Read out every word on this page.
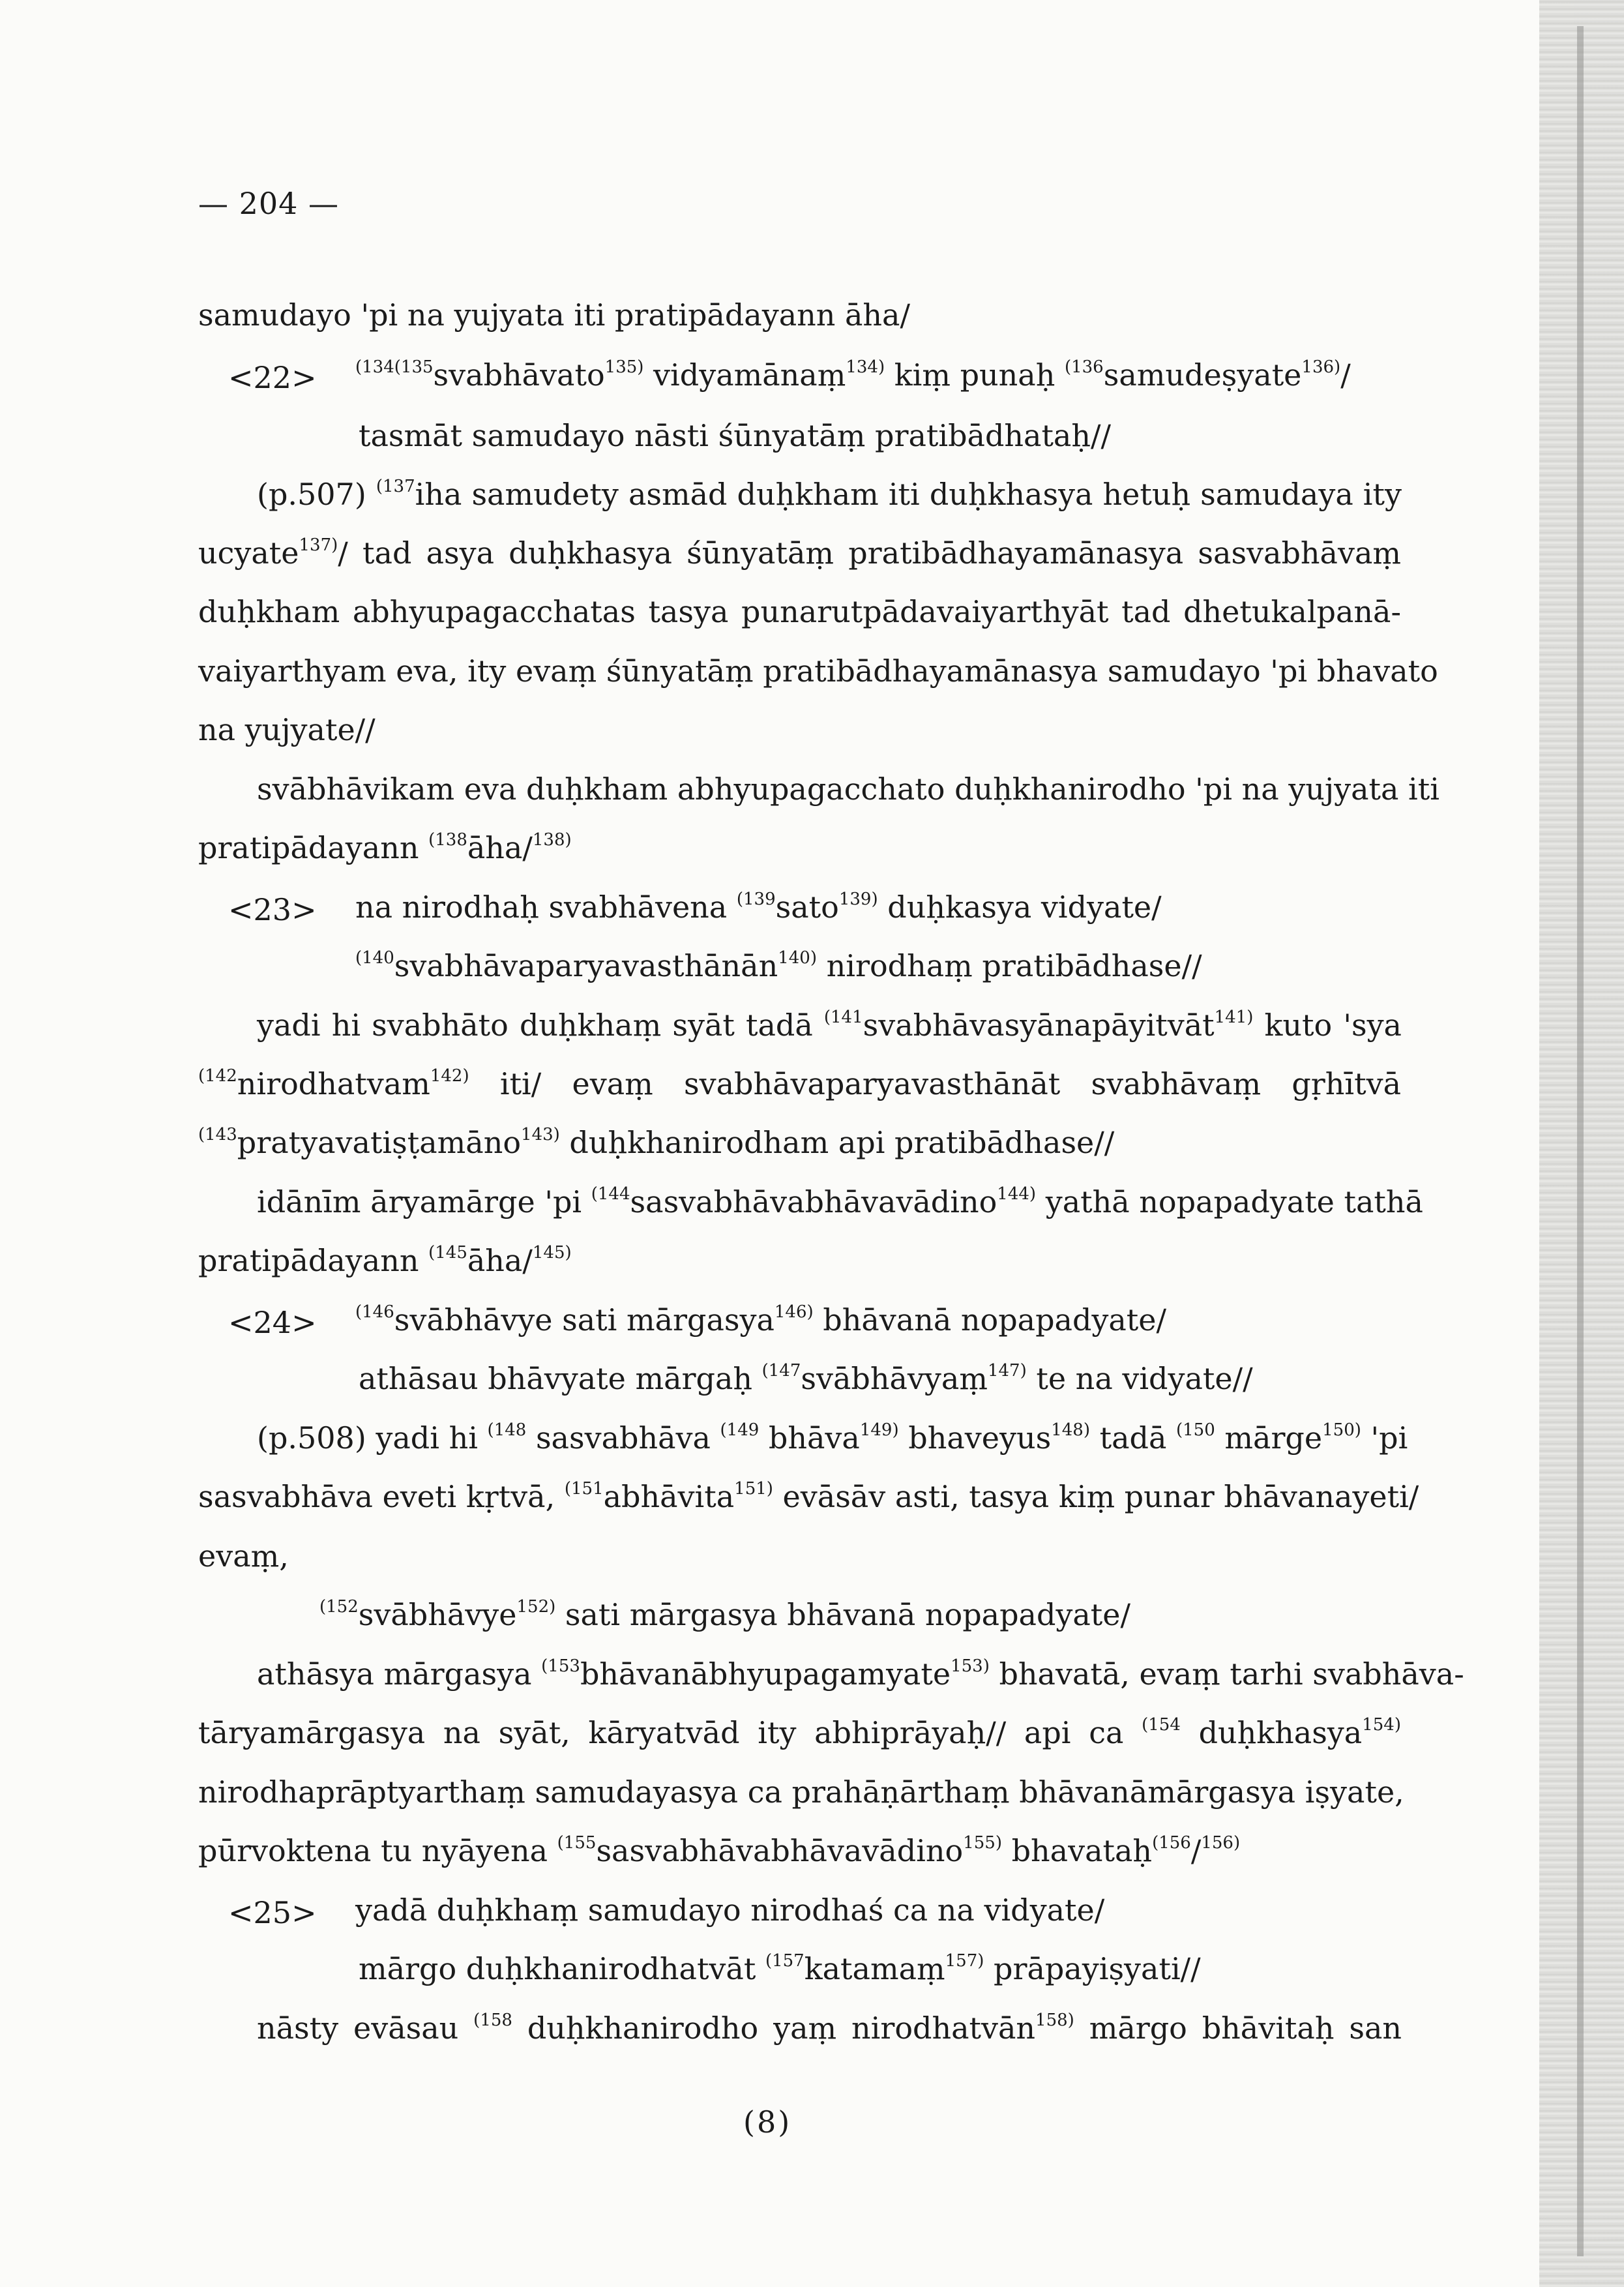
— 204 —
samudayo 'pi na yujyata iti pratipādayann āha/
<22> $^{(134(135}$svabhāvato$^{135)}$ vidyamānaṃ$^{134)}$ kiṃ punaḥ $^{(136}$samudeṣyate$^{136)}$/
tasmāt samudayo nāsti śūnyatāṃ pratibādhataḥ//
(p.507) $^{(137}$iha samudety asmād duḥkham iti duḥkhasya hetuḥ samudaya ity
ucyate$^{137)}$/ tad asya duḥkhasya śūnyatāṃ pratibādhayamānasya sasvabhāvaṃ
duḥkham abhyupagacchatas tasya punarutpādavaiyarthyāt tad dhetukalpanā-
vaiyarthyam eva, ity evaṃ śūnyatāṃ pratibādhayamānasya samudayo 'pi bhavato
na yujyate//
svābhāvikam eva duḥkham abhyupagacchato duḥkhanirodho 'pi na yujyata iti
pratipādayann $^{(138}$āha/$^{138)}$
<23> na nirodhaḥ svabhāvena $^{(139}$sato$^{139)}$ duḥkasya vidyate/
$^{(140}$svabhāvaparyavasthānān$^{140)}$ nirodhaṃ pratibādhase//
yadi hi svabhāto duḥkhaṃ syāt tadā $^{(141}$svabhāvasyānapāyitvāt$^{141)}$ kuto 'sya
$^{(142}$nirodhatvam$^{142)}$ iti/ evaṃ svabhāvaparyavasthānāt svabhāvaṃ gṛhītvā
$^{(143}$pratyavatiṣṭamāno$^{143)}$ duḥkhanirodham api pratibādhase//
idānīm āryamārge 'pi $^{(144}$sasvabhāvabhāvavādino$^{144)}$ yathā nopapadyate tathā
pratipādayann $^{(145}$āha/$^{145)}$
<24> $^{(146}$svābhāvye sati mārgasya$^{146)}$ bhāvanā nopapadyate/
athāsau bhāvyate mārgaḥ $^{(147}$svābhāvyaṃ$^{147)}$ te na vidyate//
(p.508) yadi hi $^{(148}$ sasvabhāva $^{(149}$ bhāva$^{149)}$ bhaveyus$^{148)}$ tadā $^{(150}$ mārge$^{150)}$ 'pi
sasvabhāva eveti kṛtvā, $^{(151}$abhāvita$^{151)}$ evāsāv asti, tasya kiṃ punar bhāvanayeti/
evaṃ,
$^{(152}$svābhāvye$^{152)}$ sati mārgasya bhāvanā nopapadyate/
athāsya mārgasya $^{(153}$bhāvanābhyupagamyate$^{153)}$ bhavatā, evaṃ tarhi svabhāva-
tāryamārgasya na syāt, kāryatvād ity abhiprāyaḥ// api ca $^{(154}$ duḥkhasya$^{154)}$
nirodhaprāptyarthaṃ samudayasya ca prahāṇārthaṃ bhāvanāmārgasya iṣyate,
pūrvoktena tu nyāyena $^{(155}$sasvabhāvabhāvavādino$^{155)}$ bhavataḥ$^{(156}$/$^{156)}$
<25> yadā duḥkhaṃ samudayo nirodhaś ca na vidyate/
mārgo duḥkhanirodhatvāt $^{(157}$katamaṃ$^{157)}$ prāpayiṣyati//
nāsty evāsau $^{(158}$ duḥkhanirodho yaṃ nirodhatvān$^{158)}$ mārgo bhāvitaḥ san
(8)
